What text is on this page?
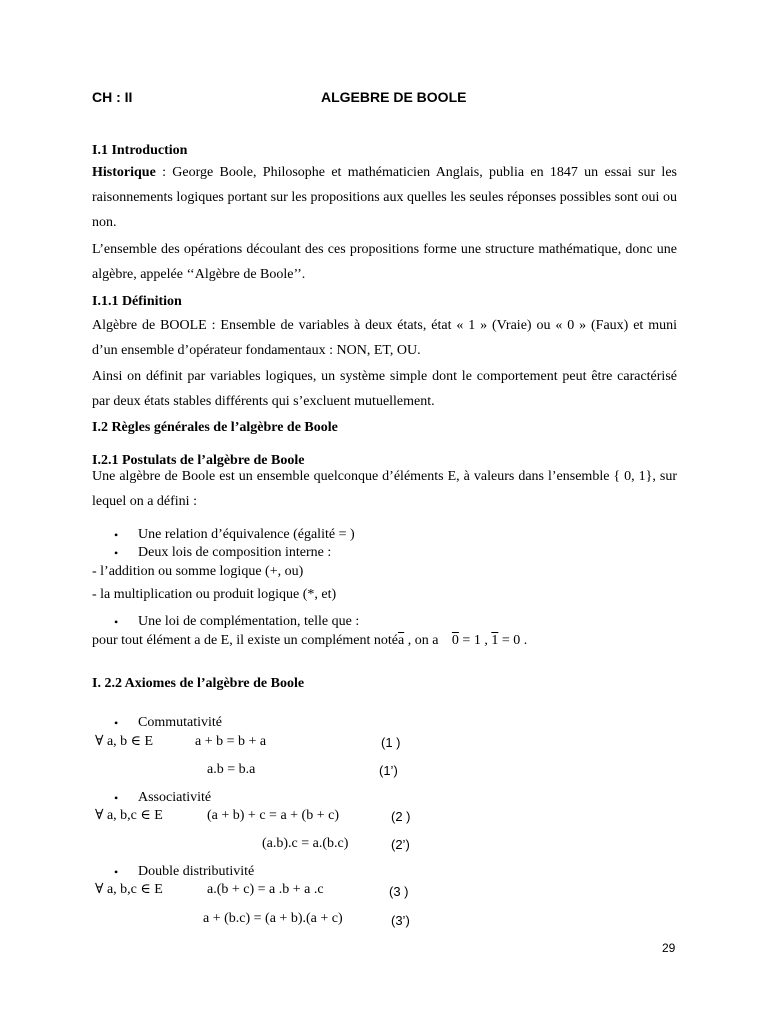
CH : II	ALGEBRE DE BOOLE
I.1 Introduction
Historique : George Boole, Philosophe et mathématicien Anglais, publia en 1847 un essai sur les raisonnements logiques portant sur les propositions aux quelles les seules réponses possibles sont oui ou non.
L’ensemble des opérations découlant des ces propositions forme une structure mathématique, donc une algèbre, appelée ‘‘Algèbre de Boole’’.
I.1.1 Définition
Algèbre de BOOLE : Ensemble de variables à deux états, état « 1 » (Vraie) ou « 0 » (Faux) et muni d’un ensemble d’opérateur fondamentaux : NON, ET, OU.
Ainsi on définit par variables logiques, un système simple dont le comportement peut être caractérisé par deux états stables différents qui s’excluent mutuellement.
I.2 Règles générales de l’algèbre de Boole
I.2.1 Postulats de l’algèbre de Boole
Une algèbre de Boole est un ensemble quelconque d’éléments E, à valeurs dans l’ensemble { 0, 1}, sur lequel on a défini :
• Une relation d’équivalence (égalité = )
• Deux lois de composition interne :
- l’addition ou somme logique (+, ou)
- la multiplication ou produit logique (*, et)
• Une loi de complémentation, telle que :
pour tout élément a de E, il existe un complément $noté\overline{a}$ , on a 0 = 1 , 1 = 0 .
I. 2.2 Axiomes de l’algèbre de Boole
• Commutativité
∀ a, b ∈ E	a + b = b + a	(1 )
a.b = b.a	(1’)
• Associativité
∀ a, b,c ∈ E	(a + b) + c = a + (b + c)	(2 )
(a.b).c = a.(b.c)	(2’)
• Double distributivité
∀ a, b,c ∈ E	a.(b + c) = a .b + a .c	(3 )
a + (b.c) = (a + b).(a + c)	(3’)
29
